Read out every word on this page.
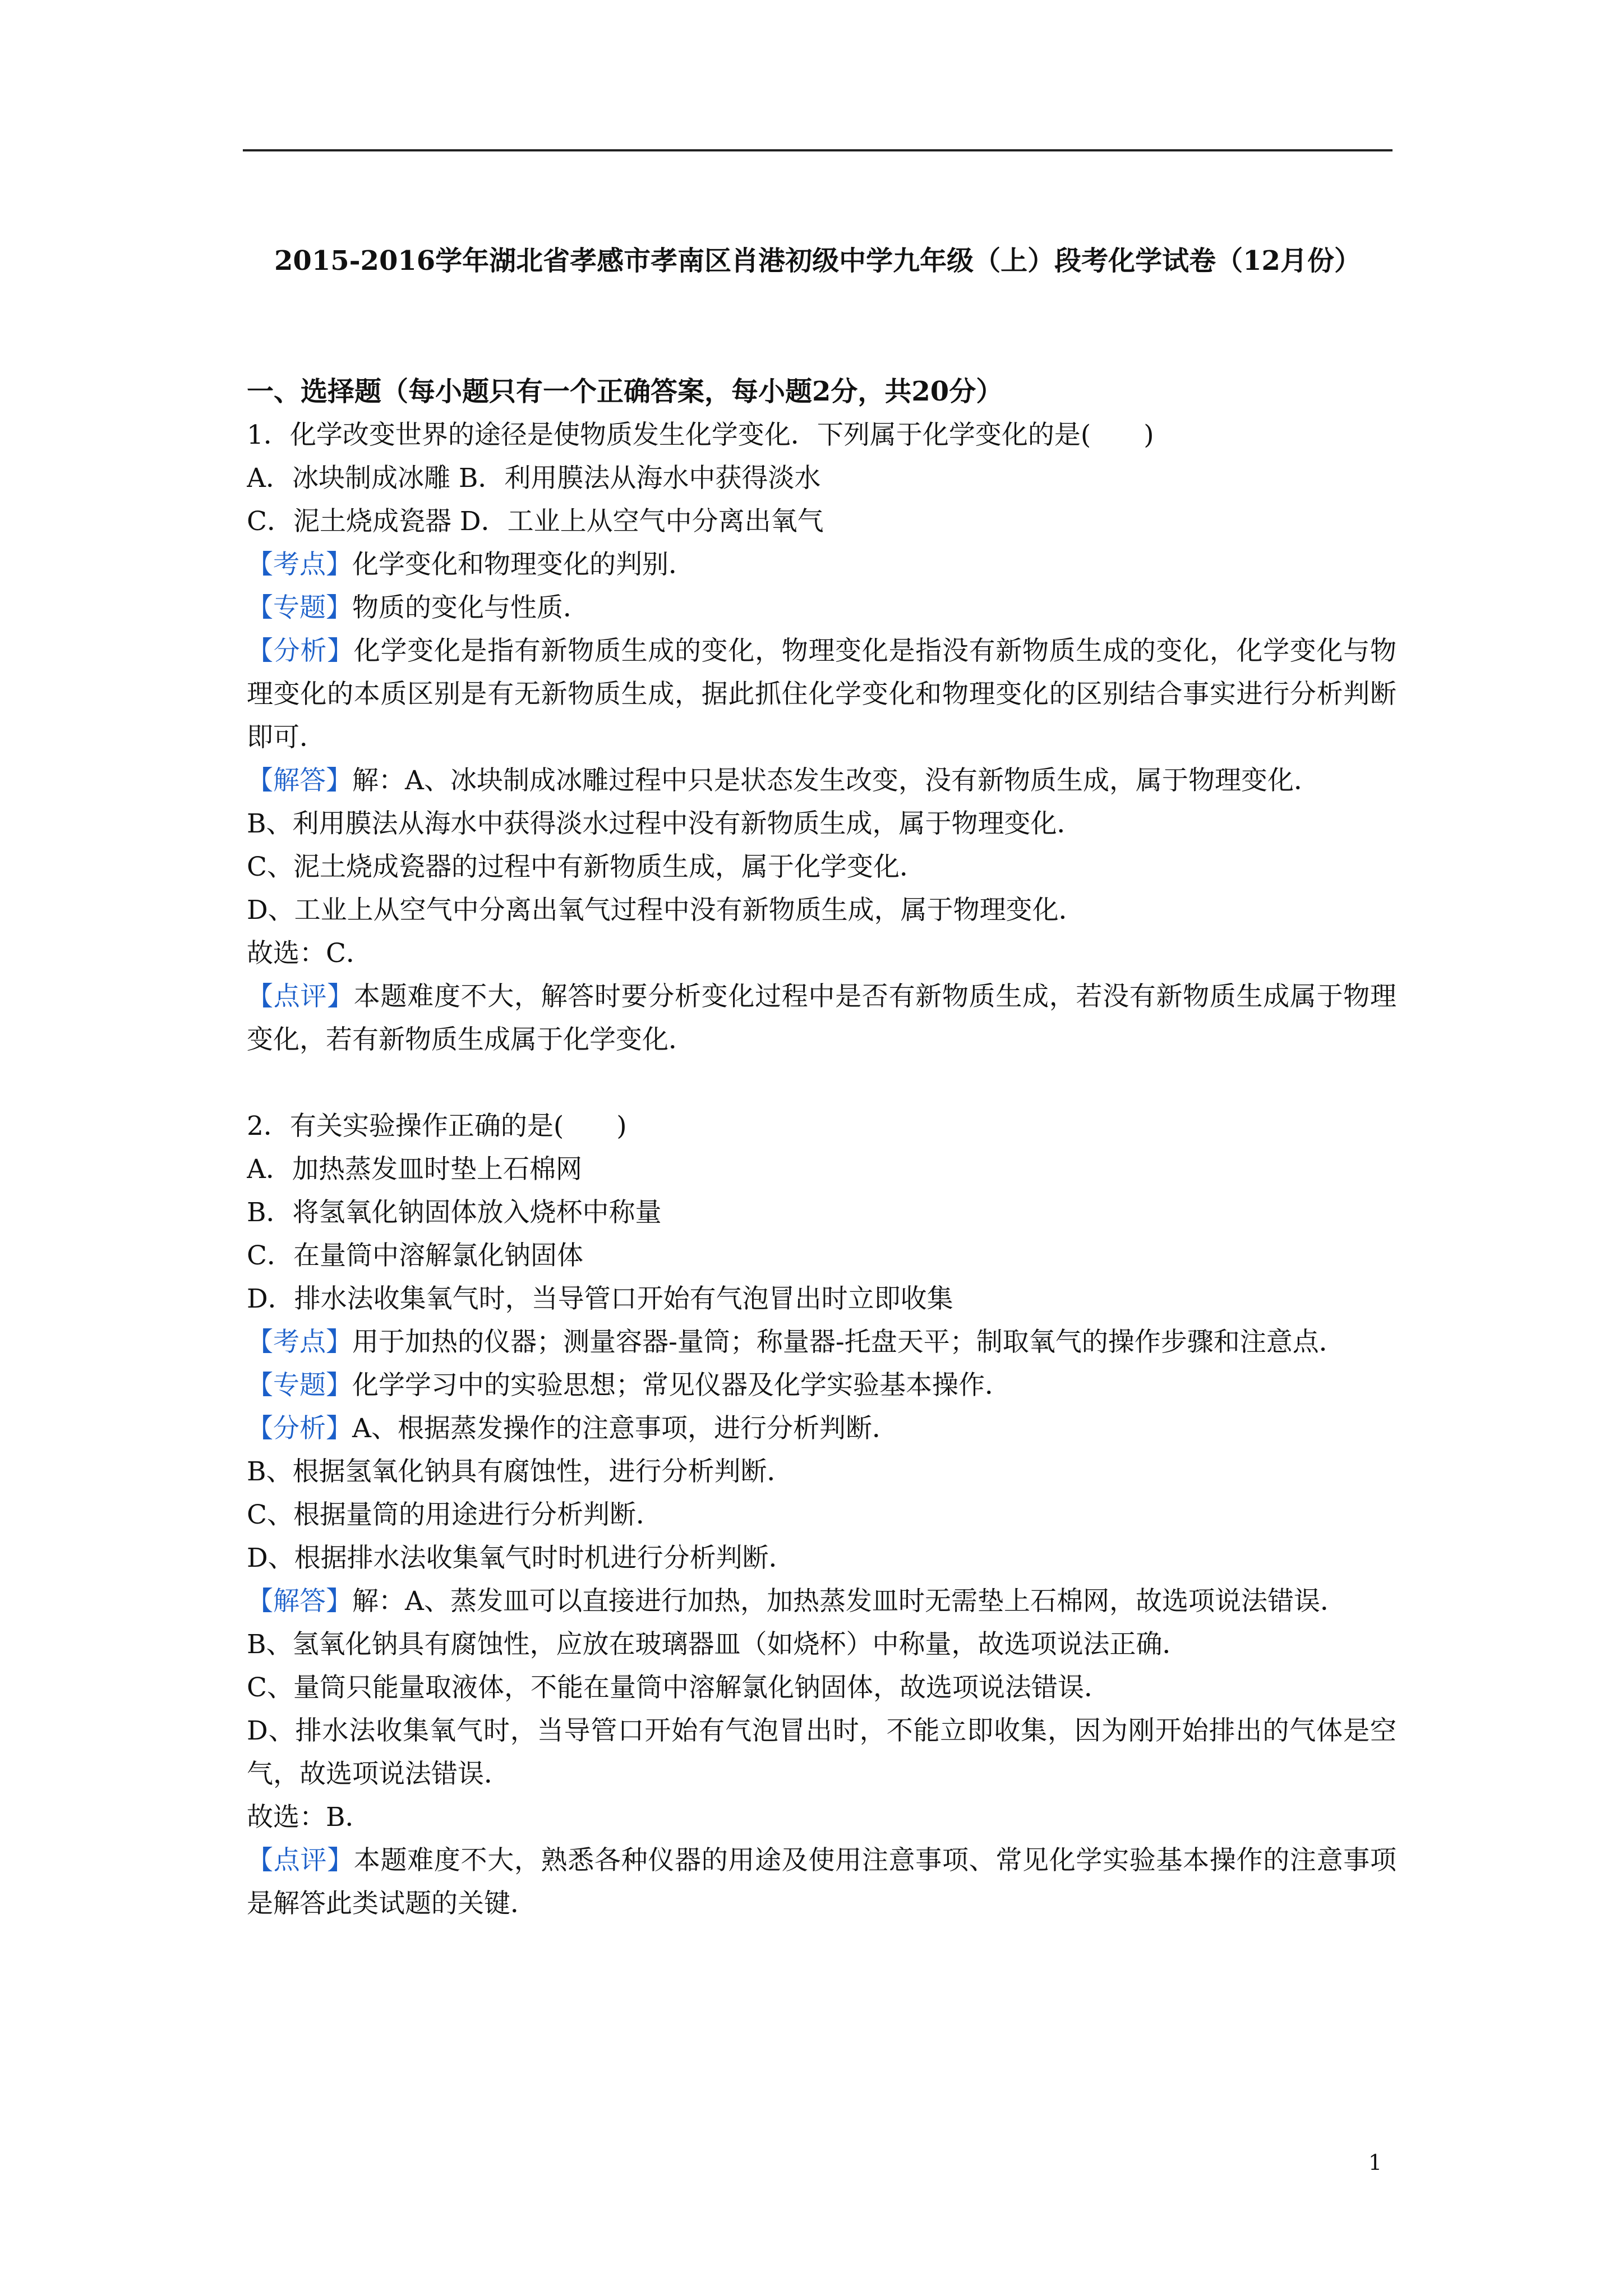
2015-2016学年湖北省孝感市孝南区肖港初级中学九年级（上）段考化学试卷（12月份）
一、选择题（每小题只有一个正确答案，每小题2分，共20分）
1．化学改变世界的途径是使物质发生化学变化．下列属于化学变化的是(　　)
A．冰块制成冰雕 B．利用膜法从海水中获得淡水
C．泥土烧成瓷器 D．工业上从空气中分离出氧气
【考点】化学变化和物理变化的判别．
【专题】物质的变化与性质．
【分析】化学变化是指有新物质生成的变化，物理变化是指没有新物质生成的变化，化学变化与物理变化的本质区别是有无新物质生成，据此抓住化学变化和物理变化的区别结合事实进行分析判断即可．
【解答】解：A、冰块制成冰雕过程中只是状态发生改变，没有新物质生成，属于物理变化．
B、利用膜法从海水中获得淡水过程中没有新物质生成，属于物理变化．
C、泥土烧成瓷器的过程中有新物质生成，属于化学变化．
D、工业上从空气中分离出氧气过程中没有新物质生成，属于物理变化．
故选：C．
【点评】本题难度不大，解答时要分析变化过程中是否有新物质生成，若没有新物质生成属于物理变化，若有新物质生成属于化学变化．
2．有关实验操作正确的是(　　)
A．加热蒸发皿时垫上石棉网
B．将氢氧化钠固体放入烧杯中称量
C．在量筒中溶解氯化钠固体
D．排水法收集氧气时，当导管口开始有气泡冒出时立即收集
【考点】用于加热的仪器；测量容器-量筒；称量器-托盘天平；制取氧气的操作步骤和注意点．
【专题】化学学习中的实验思想；常见仪器及化学实验基本操作．
【分析】A、根据蒸发操作的注意事项，进行分析判断．
B、根据氢氧化钠具有腐蚀性，进行分析判断．
C、根据量筒的用途进行分析判断．
D、根据排水法收集氧气时时机进行分析判断．
【解答】解：A、蒸发皿可以直接进行加热，加热蒸发皿时无需垫上石棉网，故选项说法错误．
B、氢氧化钠具有腐蚀性，应放在玻璃器皿（如烧杯）中称量，故选项说法正确．
C、量筒只能量取液体，不能在量筒中溶解氯化钠固体，故选项说法错误．
D、排水法收集氧气时，当导管口开始有气泡冒出时，不能立即收集，因为刚开始排出的气体是空气，故选项说法错误．
故选：B．
【点评】本题难度不大，熟悉各种仪器的用途及使用注意事项、常见化学实验基本操作的注意事项是解答此类试题的关键．
1
